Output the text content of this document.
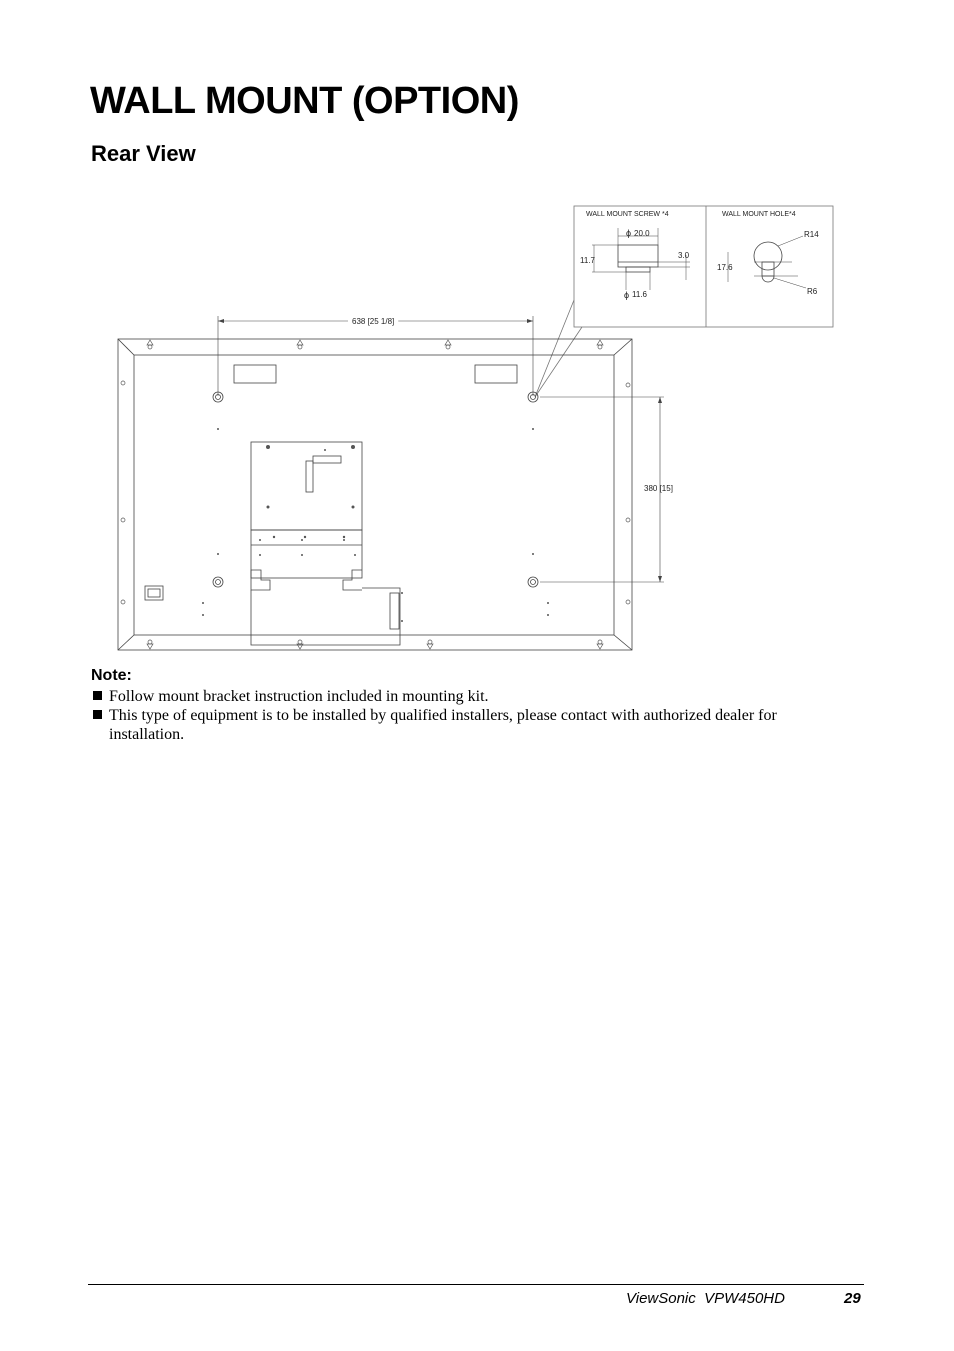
WALL MOUNT (OPTION)
Rear View
WALL MOUNT SCREW *4	WALL MOUNT HOLE*4
ϕ 20.0
11.7
3.0
ϕ 11.6
R14
17.6
R6
638 [25 1/8]
380 [15]
Note:
Follow mount bracket instruction included in mounting kit.
This type of equipment is to be installed by qualified installers, please contact with authorized dealer for installation.
ViewSonic  VPW450HD	29
